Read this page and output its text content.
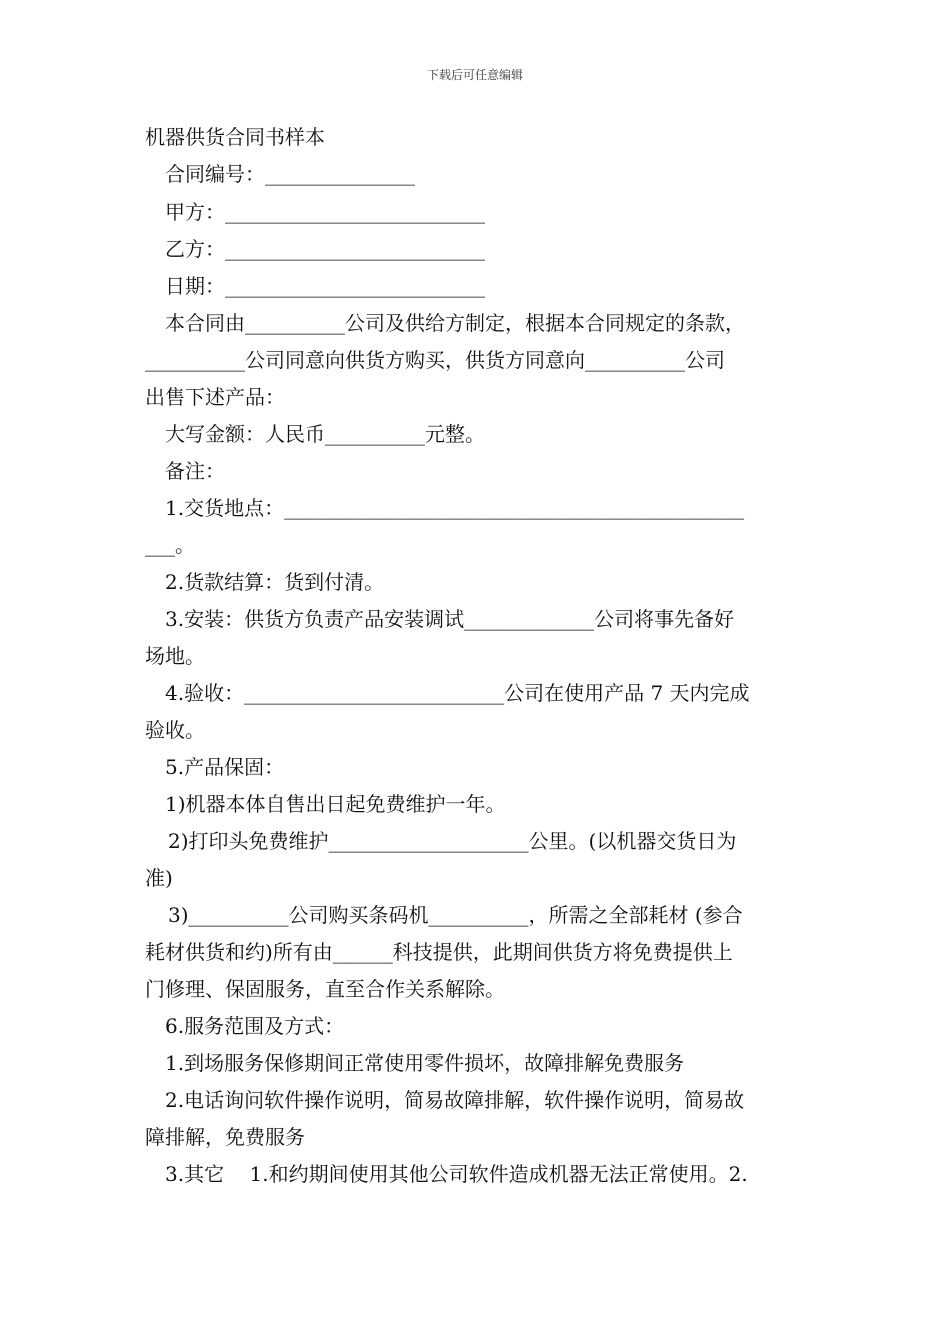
下载后可任意编辑
机器供货合同书样本
合同编号：_______________
甲方：__________________________
乙方：__________________________
日期：__________________________
本合同由__________公司及供给方制定，根据本合同规定的条款，
__________公司同意向供货方购买，供货方同意向__________公司
出售下述产品：
大写金额：人民币__________元整。
备注：
1.交货地点：______________________________________________
___。
2.货款结算：货到付清。
3.安装：供货方负责产品安装调试_____________公司将事先备好
场地。
4.验收：__________________________公司在使用产品 7 天内完成
验收。
5.产品保固：
1)机器本体自售出日起免费维护一年。
2)打印头免费维护____________________公里。(以机器交货日为
准)
3)__________公司购买条码机__________，所需之全部耗材 (参合
耗材供货和约)所有由______科技提供，此期间供货方将免费提供上
门修理、保固服务，直至合作关系解除。
6.服务范围及方式：
1.到场服务保修期间正常使用零件损坏，故障排解免费服务
2.电话询问软件操作说明，简易故障排解，软件操作说明，简易故
障排解，免费服务
3.其它    1.和约期间使用其他公司软件造成机器无法正常使用。2.
